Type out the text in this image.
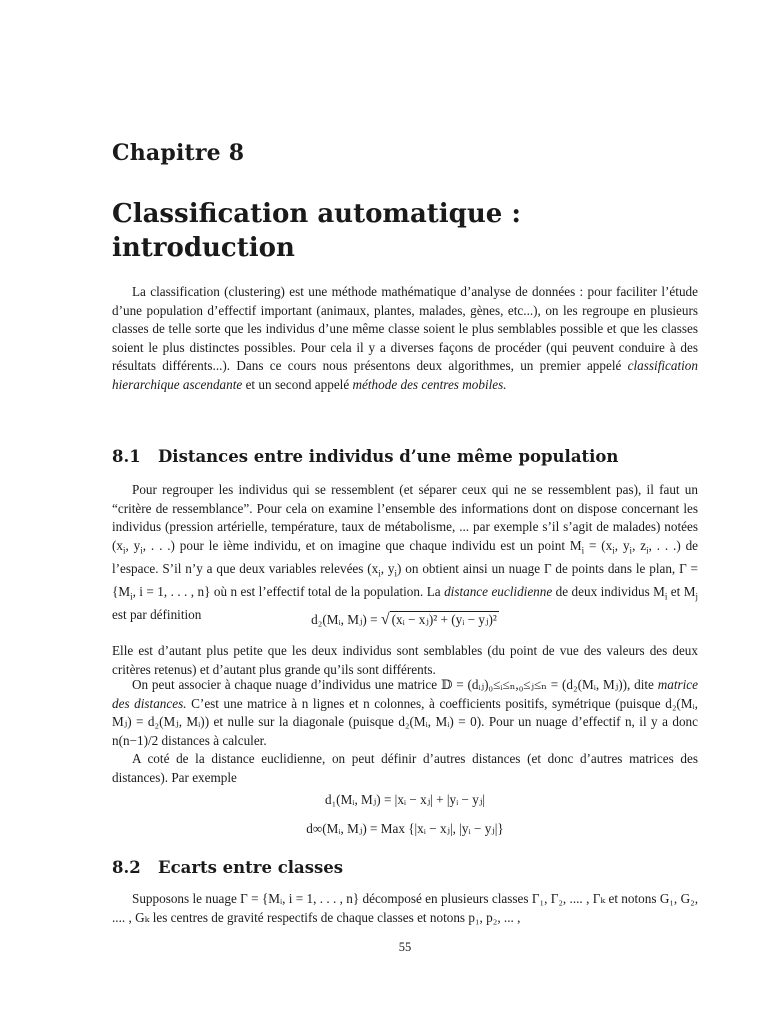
Chapitre 8
Classification automatique :
introduction
La classification (clustering) est une méthode mathématique d’analyse de données : pour faciliter l’étude d’une population d’effectif important (animaux, plantes, malades, gènes, etc...), on les regroupe en plusieurs classes de telle sorte que les individus d’une même classe soient le plus semblables possible et que les classes soient le plus distinctes possibles. Pour cela il y a diverses façons de procéder (qui peuvent conduire à des résultats différents...). Dans ce cours nous présentons deux algorithmes, un premier appelé classification hierarchique ascendante et un second appelé méthode des centres mobiles.
8.1 Distances entre individus d’une même population
Pour regrouper les individus qui se ressemblent (et séparer ceux qui ne se ressemblent pas), il faut un “critère de ressemblance”. Pour cela on examine l’ensemble des informations dont on dispose concernant les individus (pression artérielle, température, taux de métabolisme, ... par exemple s’il s’agit de malades) notées ($x_i$, $y_i$, . . .) pour le ième individu, et on imagine que chaque individu est un point $M_i = (x_i$, $y_i$, $z_i$, . . .) de l’espace. S’il n’y a que deux variables relevées ($x_i$, $y_i$) on obtient ainsi un nuage Γ de points dans le plan, $\Gamma = \{M_i$, i = 1, . . . , n} où n est l’effectif total de la population. La distance euclidienne de deux individus $M_i$ et $M_j$ est par définition	d₂(Mᵢ, Mⱼ) = √ (xᵢ − xⱼ)² + (yᵢ − yⱼ)²
Elle est d’autant plus petite que les deux individus sont semblables (du point de vue des valeurs des deux critères retenus) et d’autant plus grande qu’ils sont différents.
On peut associer à chaque nuage d’individus une matrice 𝔻 = (dᵢⱼ)₀≤ᵢ≤ₙ,₀≤ⱼ≤ₙ = (d₂(Mᵢ, Mⱼ)), dite matrice des distances. C’est une matrice à n lignes et n colonnes, à coefficients positifs, symétrique (puisque d₂(Mᵢ, Mⱼ) = d₂(Mⱼ, Mᵢ)) et nulle sur la diagonale (puisque d₂(Mᵢ, Mᵢ) = 0). Pour un nuage d’effectif n, il y a donc n(n−1)/2 distances à calculer.
A coté de la distance euclidienne, on peut définir d’autres distances (et donc d’autres matrices des distances). Par exemple
d₁(Mᵢ, Mⱼ) = |xᵢ − xⱼ| + |yᵢ − yⱼ|
d∞(Mᵢ, Mⱼ) = Max {|xᵢ − xⱼ|, |yᵢ − yⱼ|}
8.2 Ecarts entre classes
Supposons le nuage Γ = {Mᵢ, i = 1, . . . , n} décomposé en plusieurs classes Γ₁, Γ₂, .... , Γₖ et notons G₁, G₂, .... , Gₖ les centres de gravité respectifs de chaque classes et notons p₁, p₂, ... ,
55
